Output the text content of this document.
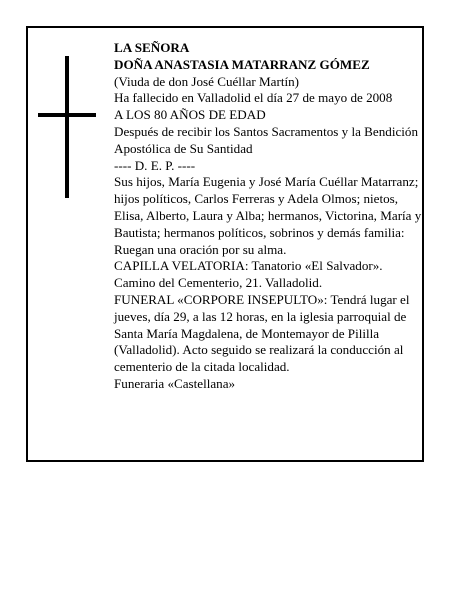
LA SEÑORA

DOÑA ANASTASIA MATARRANZ GÓMEZ

(Viuda de don José Cuéllar Martín)

Ha fallecido en Valladolid el día 27 de mayo de 2008

A LOS 80 AÑOS DE EDAD

Después de recibir los Santos Sacramentos y la Bendición Apostólica de Su Santidad

---- D. E. P. ----

Sus hijos, María Eugenia y José María Cuéllar Matarranz; hijos políticos, Carlos Ferreras y Adela Olmos; nietos, Elisa, Alberto, Laura y Alba; hermanos, Victorina, María y Bautista; hermanos políticos, sobrinos y demás familia:

Ruegan una oración por su alma.

CAPILLA VELATORIA: Tanatorio «El Salvador». Camino del Cementerio, 21. Valladolid.

FUNERAL «CORPORE INSEPULTO»: Tendrá lugar el jueves, día 29, a las 12 horas, en la iglesia parroquial de Santa María Magdalena, de Montemayor de Pililla (Valladolid). Acto seguido se realizará la conducción al cementerio de la citada localidad.

Funeraria «Castellana»
